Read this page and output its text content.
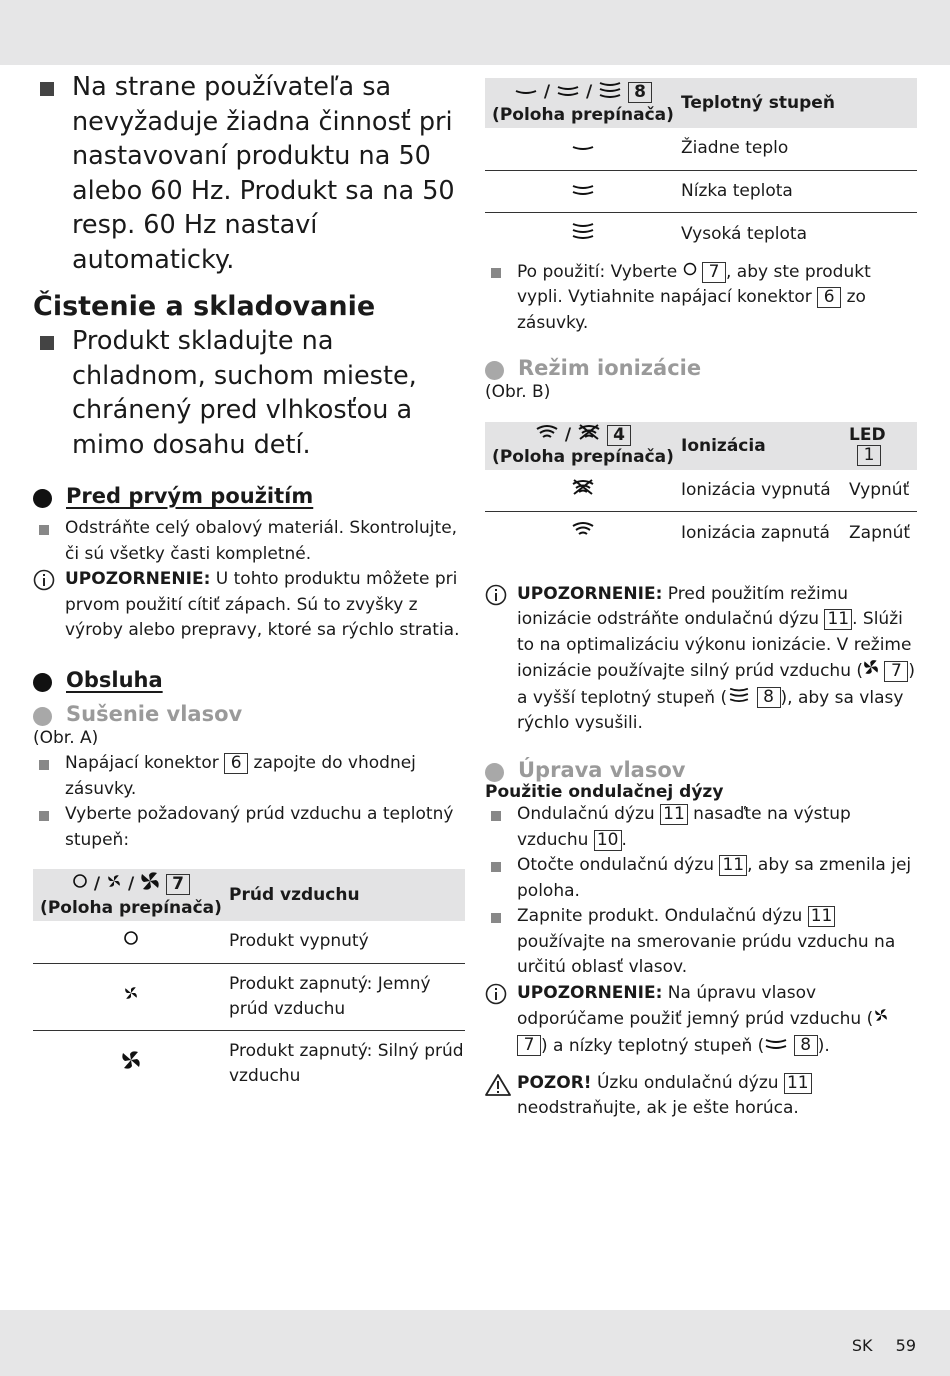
Na strane používateľa sa nevyžaduje žiadna činnosť pri nastavovaní produktu na 50 alebo 60 Hz. Produkt sa na 50 resp. 60 Hz nastaví automaticky.
Čistenie a skladovanie
Produkt skladujte na chladnom, suchom mieste, chránený pred vlhkosťou a mimo dosahu detí.
Pred prvým použitím
Odstráňte celý obalový materiál. Skontrolujte, či sú všetky časti kompletné.
UPOZORNENIE: U tohto produktu môžete pri prvom použití cítiť zápach. Sú to zvyšky z výroby alebo prepravy, ktoré sa rýchlo stratia.
Obsluha
Sušenie vlasov
(Obr. A)
Napájací konektor 6 zapojte do vhodnej zásuvky.
Vyberte požadovaný prúd vzduchu a teplotný stupeň:
/ / 7
(Poloha prepínača)	Prúd vzduchu
	Produkt vypnutý
	Produkt zapnutý: Jemný prúd vzduchu
	Produkt zapnutý: Silný prúd vzduchu
/ / 8
(Poloha prepínača)	Teplotný stupeň
	Žiadne teplo
	Nízka teplota
	Vysoká teplota
Po použití: Vyberte 7 , aby ste produkt vypli. Vytiahnite napájací konektor 6 zo zásuvky.
Režim ionizácie
(Obr. B)
/ 4
(Poloha prepínača)	Ionizácia	LED 1
	Ionizácia vypnutá	Vypnúť
	Ionizácia zapnutá	Zapnúť
UPOZORNENIE: Pred použitím režimu ionizácie odstráňte ondulačnú dýzu 11 . Slúži to na optimalizáciu výkonu ionizácie. V režime ionizácie používajte silný prúd vzduchu ( 7 ) a vyšší teplotný stupeň ( 8 ), aby sa vlasy rýchlo vysušili.
Úprava vlasov
Použitie ondulačnej dýzy
Ondulačnú dýzu 11 nasaďte na výstup vzduchu 10 .
Otočte ondulačnú dýzu 11 , aby sa zmenila jej poloha.
Zapnite produkt. Ondulačnú dýzu 11 používajte na smerovanie prúdu vzduchu na určitú oblasť vlasov.
UPOZORNENIE: Na úpravu vlasov odporúčame použiť jemný prúd vzduchu ( 7 ) a nízky teplotný stupeň ( 8 ).
POZOR! Úzku ondulačnú dýzu 11 neodstraňujte, ak je ešte horúca.
SK 59
